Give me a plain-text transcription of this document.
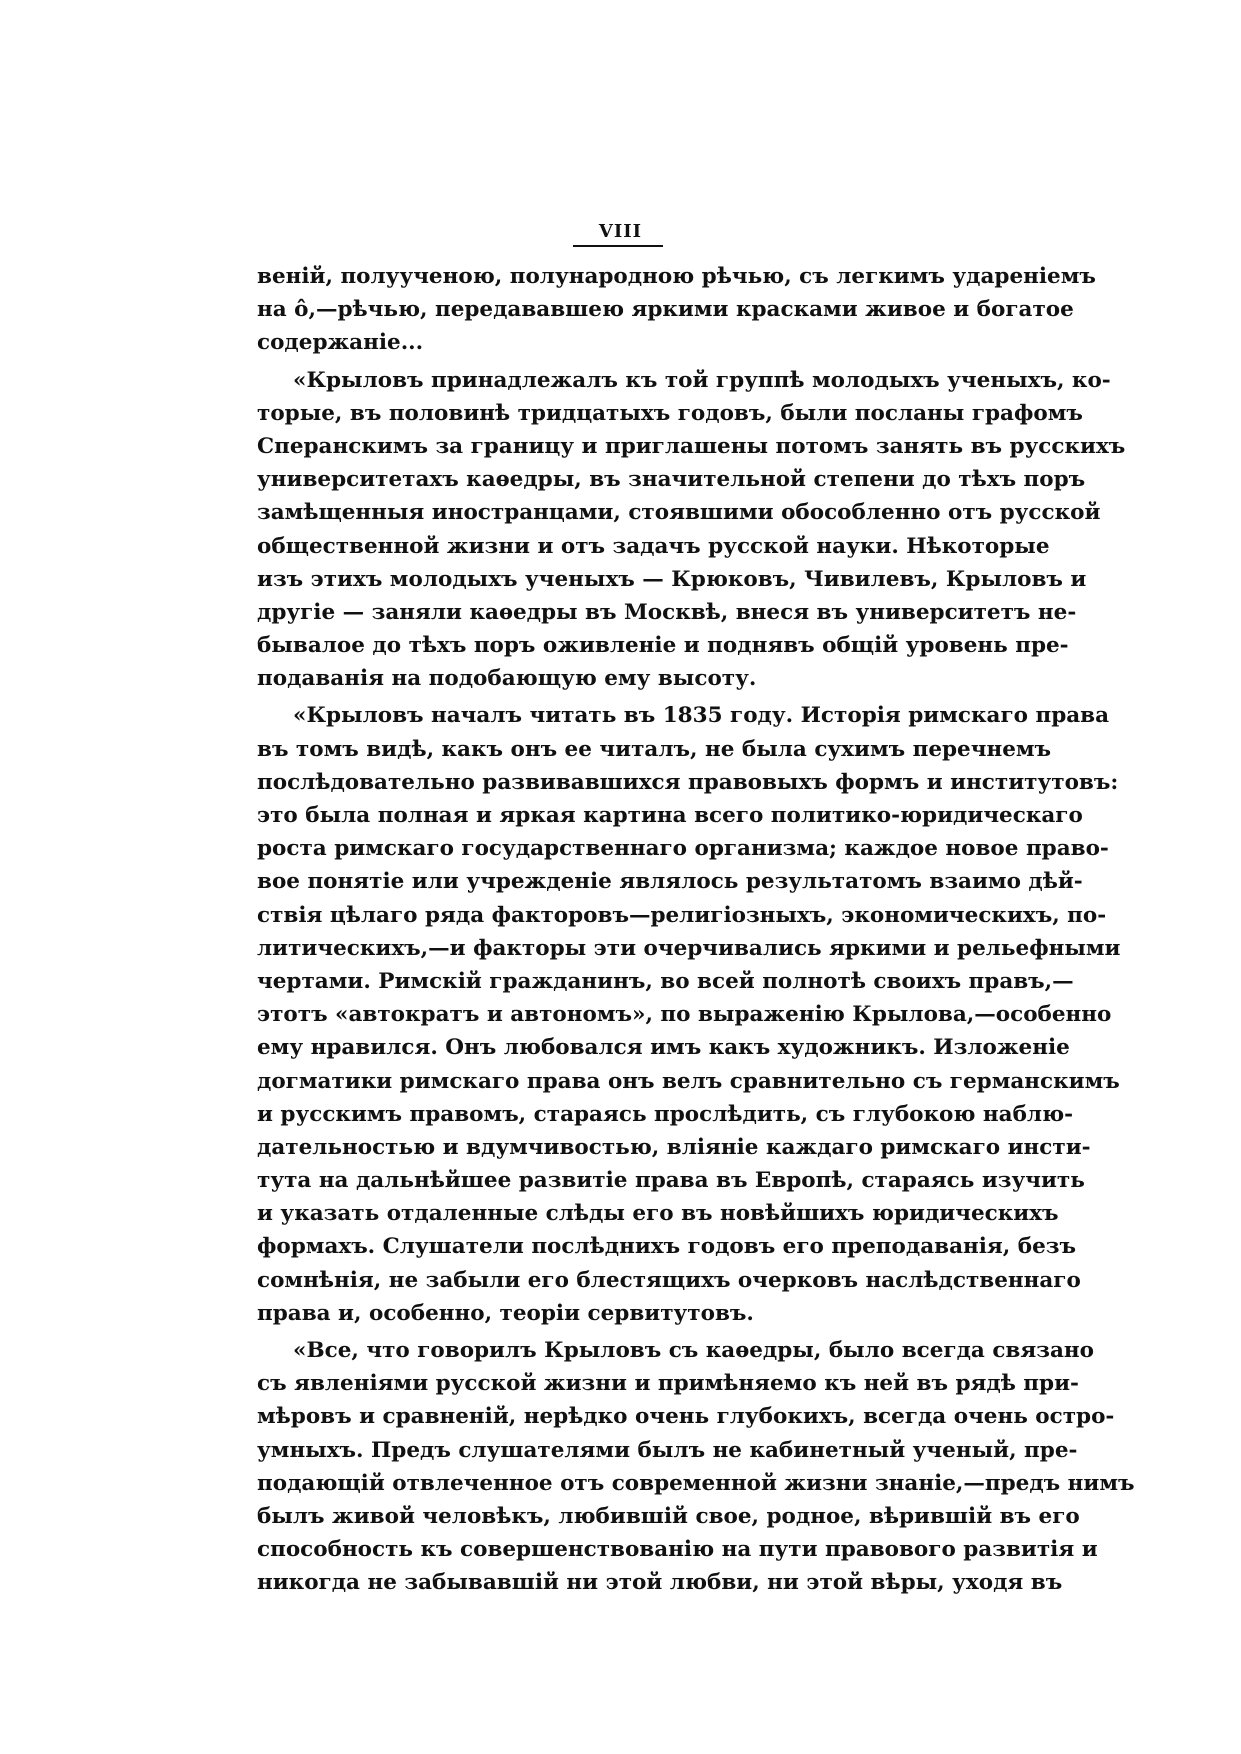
VIII
веній, полуученою, полународною рѣчью, съ легкимъ удареніемъ
на ô,—рѣчью, передававшею яркими красками живое и богатое
содержаніе...
«Крыловъ принадлежалъ къ той группѣ молодыхъ ученыхъ, ко-
торые, въ половинѣ тридцатыхъ годовъ, были посланы графомъ
Сперанскимъ за границу и приглашены потомъ занять въ русскихъ
университетахъ каѳедры, въ значительной степени до тѣхъ поръ
замѣщенныя иностранцами, стоявшими обособленно отъ русской
общественной жизни и отъ задачъ русской науки. Нѣкоторые
изъ этихъ молодыхъ ученыхъ — Крюковъ, Чивилевъ, Крыловъ и
другіе — заняли каѳедры въ Москвѣ, внеся въ университетъ не-
бывалое до тѣхъ поръ оживленіе и поднявъ общій уровень пре-
подаванія на подобающую ему высоту.
«Крыловъ началъ читать въ 1835 году. Исторія римскаго права
въ томъ видѣ, какъ онъ ее читалъ, не была сухимъ перечнемъ
послѣдовательно развивавшихся правовыхъ формъ и институтовъ:
это была полная и яркая картина всего политико-юридическаго
роста римскаго государственнаго организма; каждое новое право-
вое понятіе или учрежденіе являлось результатомъ взаимо дѣй-
ствія цѣлаго ряда факторовъ—религіозныхъ, экономическихъ, по-
литическихъ,—и факторы эти очерчивались яркими и рельефными
чертами. Римскій гражданинъ, во всей полнотѣ своихъ правъ,—
этотъ «автократъ и автономъ», по выраженію Крылова,—особенно
ему нравился. Онъ любовался имъ какъ художникъ. Изложеніе
догматики римскаго права онъ велъ сравнительно съ германскимъ
и русскимъ правомъ, стараясь прослѣдить, съ глубокою наблю-
дательностью и вдумчивостью, вліяніе каждаго римскаго инсти-
тута на дальнѣйшее развитіе права въ Европѣ, стараясь изучить
и указать отдаленные слѣды его въ новѣйшихъ юридическихъ
формахъ. Слушатели послѣднихъ годовъ его преподаванія, безъ
сомнѣнія, не забыли его блестящихъ очерковъ наслѣдственнаго
права и, особенно, теоріи сервитутовъ.
«Все, что говорилъ Крыловъ съ каѳедры, было всегда связано
съ явленіями русской жизни и примѣняемо къ ней въ рядѣ при-
мѣровъ и сравненій, нерѣдко очень глубокихъ, всегда очень остро-
умныхъ. Предъ слушателями былъ не кабинетный ученый, пре-
подающій отвлеченное отъ современной жизни знаніе,—предъ нимъ
былъ живой человѣкъ, любившій свое, родное, вѣрившій въ его
способность къ совершенствованію на пути правового развитія и
никогда не забывавшій ни этой любви, ни этой вѣры, уходя въ
